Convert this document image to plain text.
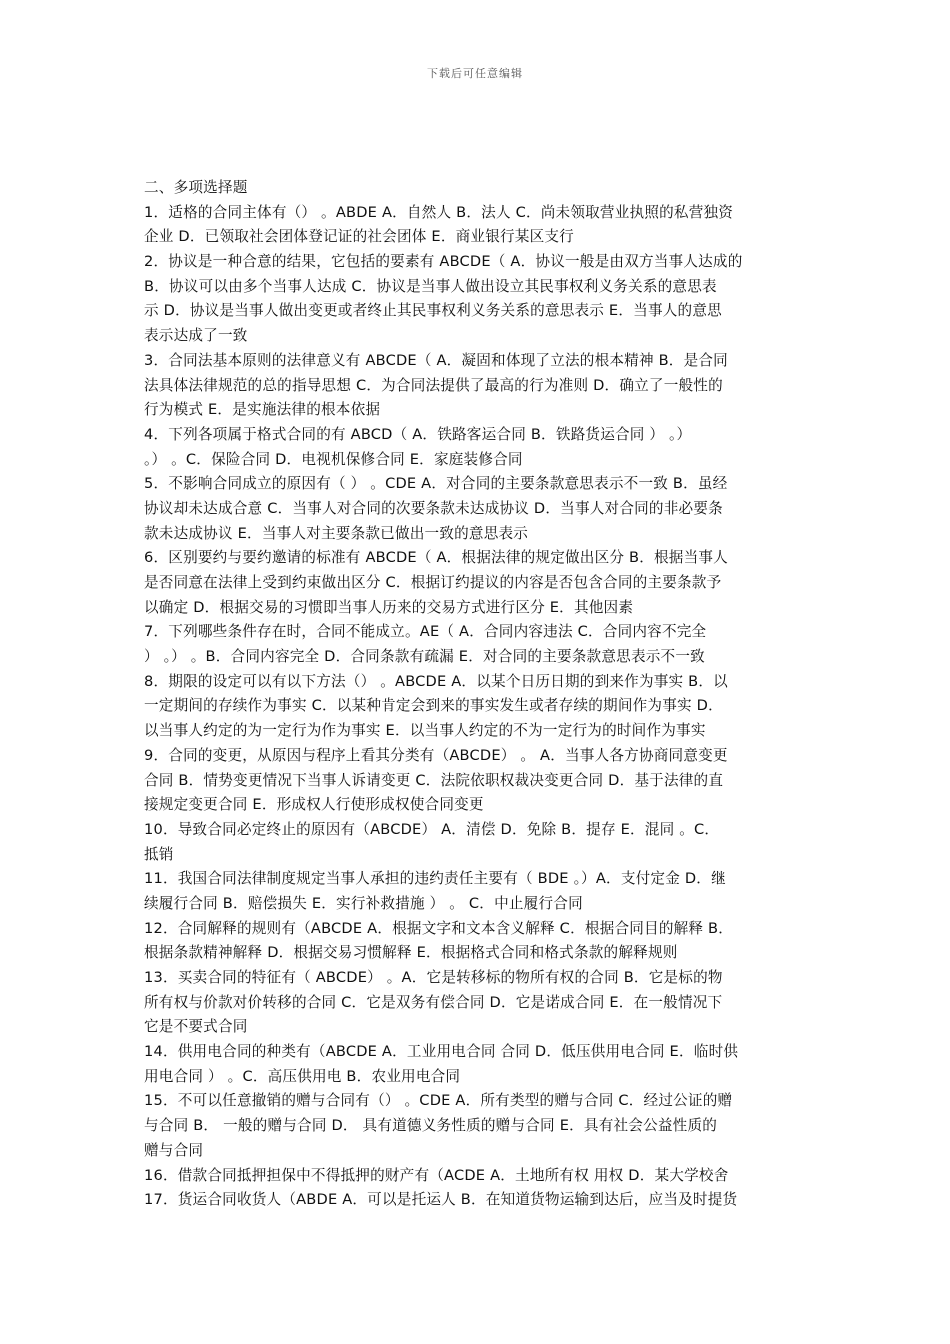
下载后可任意编辑
二、多项选择题
1．适格的合同主体有（） 。ABDE A．自然人 B．法人 C．尚未领取营业执照的私营独资
企业 D．已领取社会团体登记证的社会团体 E．商业银行某区支行
2．协议是一种合意的结果，它包括的要素有 ABCDE（ A．协议一般是由双方当事人达成的
B．协议可以由多个当事人达成 C．协议是当事人做出设立其民事权利义务关系的意思表
示 D．协议是当事人做出变更或者终止其民事权利义务关系的意思表示 E．当事人的意思
表示达成了一致
3．合同法基本原则的法律意义有 ABCDE（ A．凝固和体现了立法的根本精神 B．是合同
法具体法律规范的总的指导思想 C．为合同法提供了最高的行为准则 D．确立了一般性的
行为模式 E．是实施法律的根本依据
4．下列各项属于格式合同的有 ABCD（ A．铁路客运合同 B．铁路货运合同 ） 。）
。） 。C．保险合同 D．电视机保修合同 E．家庭装修合同
5．不影响合同成立的原因有（ ） 。CDE A．对合同的主要条款意思表示不一致 B．虽经
协议却未达成合意 C．当事人对合同的次要条款未达成协议 D．当事人对合同的非必要条
款未达成协议 E．当事人对主要条款已做出一致的意思表示
6．区别要约与要约邀请的标准有 ABCDE（ A．根据法律的规定做出区分 B．根据当事人
是否同意在法律上受到约束做出区分 C．根据订约提议的内容是否包含合同的主要条款予
以确定 D．根据交易的习惯即当事人历来的交易方式进行区分 E．其他因素
7．下列哪些条件存在时，合同不能成立。AE（ A．合同内容违法 C．合同内容不完全
） 。） 。B．合同内容完全 D．合同条款有疏漏 E．对合同的主要条款意思表示不一致
8．期限的设定可以有以下方法（） 。ABCDE A．以某个日历日期的到来作为事实 B．以
一定期间的存续作为事实 C．以某种肯定会到来的事实发生或者存续的期间作为事实 D．
以当事人约定的为一定行为作为事实 E．以当事人约定的不为一定行为的时间作为事实
9．合同的变更，从原因与程序上看其分类有（ABCDE） 。 A．当事人各方协商同意变更
合同 B．情势变更情况下当事人诉请变更 C．法院依职权裁决变更合同 D．基于法律的直
接规定变更合同 E．形成权人行使形成权使合同变更
10．导致合同必定终止的原因有（ABCDE） A．清偿 D．免除 B．提存 E．混同 。C．
抵销
11．我国合同法律制度规定当事人承担的违约责任主要有（ BDE 。）A．支付定金 D．继
续履行合同 B．赔偿损失 E．实行补救措施 ） 。 C．中止履行合同
12．合同解释的规则有（ABCDE A．根据文字和文本含义解释 C．根据合同目的解释 B．
根据条款精神解释 D．根据交易习惯解释 E．根据格式合同和格式条款的解释规则
13．买卖合同的特征有（ ABCDE） 。A．它是转移标的物所有权的合同 B．它是标的物
所有权与价款对价转移的合同 C．它是双务有偿合同 D．它是诺成合同 E．在一般情况下
它是不要式合同
14．供用电合同的种类有（ABCDE A．工业用电合同 合同 D．低压供用电合同 E．临时供
用电合同 ） 。C．高压供用电 B．农业用电合同
15．不可以任意撤销的赠与合同有（） 。CDE A．所有类型的赠与合同 C．经过公证的赠
与合同 B． 一般的赠与合同 D． 具有道德义务性质的赠与合同 E．具有社会公益性质的
赠与合同
16．借款合同抵押担保中不得抵押的财产有（ACDE A．土地所有权 用权 D．某大学校舍
17．货运合同收货人（ABDE A．可以是托运人 B．在知道货物运输到达后，应当及时提货
